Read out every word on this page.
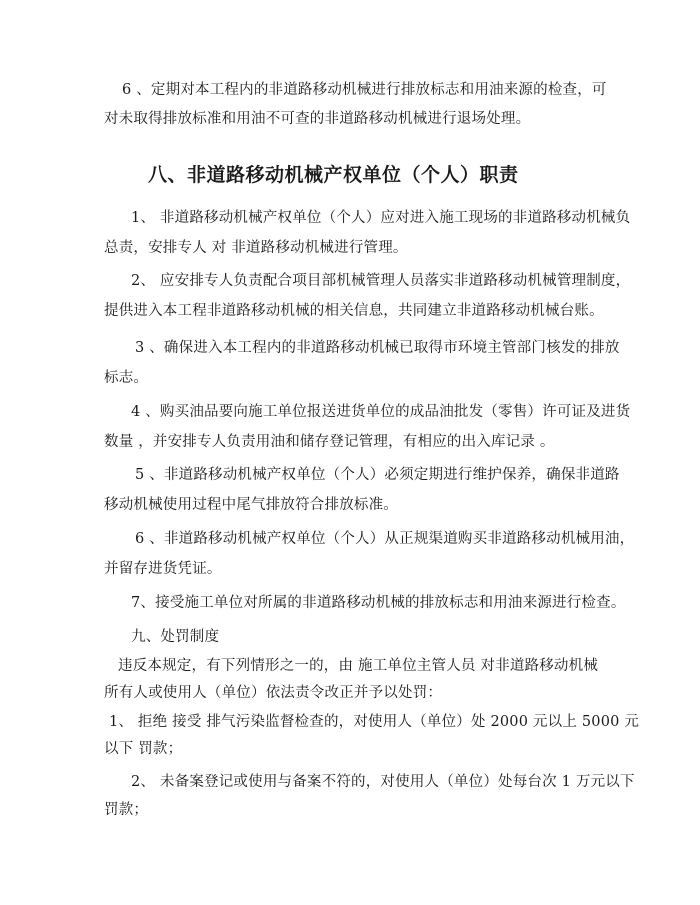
6 、定期对本工程内的非道路移动机械进行排放标志和用油来源的检查，可
对未取得排放标准和用油不可查的非道路移动机械进行退场处理。
八、非道路移动机械产权单位（个人）职责
1、 非道路移动机械产权单位（个人）应对进入施工现场的非道路移动机械负
总责，安排专人 对 非道路移动机械进行管理。
2、 应安排专人负责配合项目部机械管理人员落实非道路移动机械管理制度，
提供进入本工程非道路移动机械的相关信息，共同建立非道路移动机械台账。
3 、确保进入本工程内的非道路移动机械已取得市环境主管部门核发的排放
标志。
4 、购买油品要向施工单位报送进货单位的成品油批发（零售）许可证及进货
数量 ，并安排专人负责用油和储存登记管理，有相应的出入库记录 。
5 、非道路移动机械产权单位（个人）必须定期进行维护保养，确保非道路
移动机械使用过程中尾气排放符合排放标准。
6 、非道路移动机械产权单位（个人）从正规渠道购买非道路移动机械用油，
并留存进货凭证。
7、接受施工单位对所属的非道路移动机械的排放标志和用油来源进行检查。
九、处罚制度
违反本规定，有下列情形之一的，由 施工单位主管人员 对非道路移动机械
所有人或使用人（单位）依法责令改正并予以处罚：
1、 拒绝 接受 排气污染监督检查的，对使用人（单位）处 2000 元以上 5000 元
以下 罚款；
2、 未备案登记或使用与备案不符的，对使用人（单位）处每台次 1 万元以下
罚款；
